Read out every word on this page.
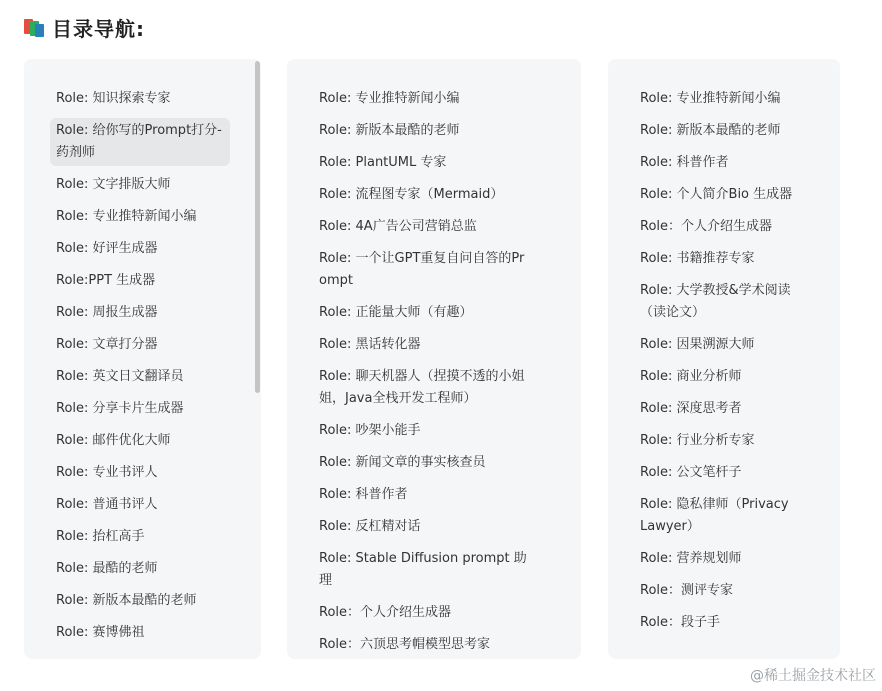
目录导航:
Role: 知识探索专家
Role: 给你写的Prompt打分-药剂师
Role: 文字排版大师
Role: 专业推特新闻小编
Role: 好评生成器
Role:PPT 生成器
Role: 周报生成器
Role: 文章打分器
Role: 英文日文翻译员
Role: 分享卡片生成器
Role: 邮件优化大师
Role: 专业书评人
Role: 普通书评人
Role: 抬杠高手
Role: 最酷的老师
Role: 新版本最酷的老师
Role: 赛博佛祖
Role: 专业推特新闻小编
Role: 新版本最酷的老师
Role: PlantUML 专家
Role: 流程图专家（Mermaid）
Role: 4A广告公司营销总监
Role: 一个让GPT重复自问自答的Prompt
Role: 正能量大师（有趣）
Role: 黑话转化器
Role: 聊天机器人（捏摸不透的小姐姐，Java全栈开发工程师）
Role: 吵架小能手
Role: 新闻文章的事实核查员
Role: 科普作者
Role: 反杠精对话
Role: Stable Diffusion prompt 助理
Role：个人介绍生成器
Role：六顶思考帽模型思考家
Role: 专业推特新闻小编
Role: 新版本最酷的老师
Role: 科普作者
Role: 个人简介Bio 生成器
Role：个人介绍生成器
Role: 书籍推荐专家
Role: 大学教授&学术阅读（读论文）
Role: 因果溯源大师
Role: 商业分析师
Role: 深度思考者
Role: 行业分析专家
Role: 公文笔杆子
Role: 隐私律师（Privacy Lawyer）
Role: 营养规划师
Role：测评专家
Role：段子手
@稀土掘金技术社区
